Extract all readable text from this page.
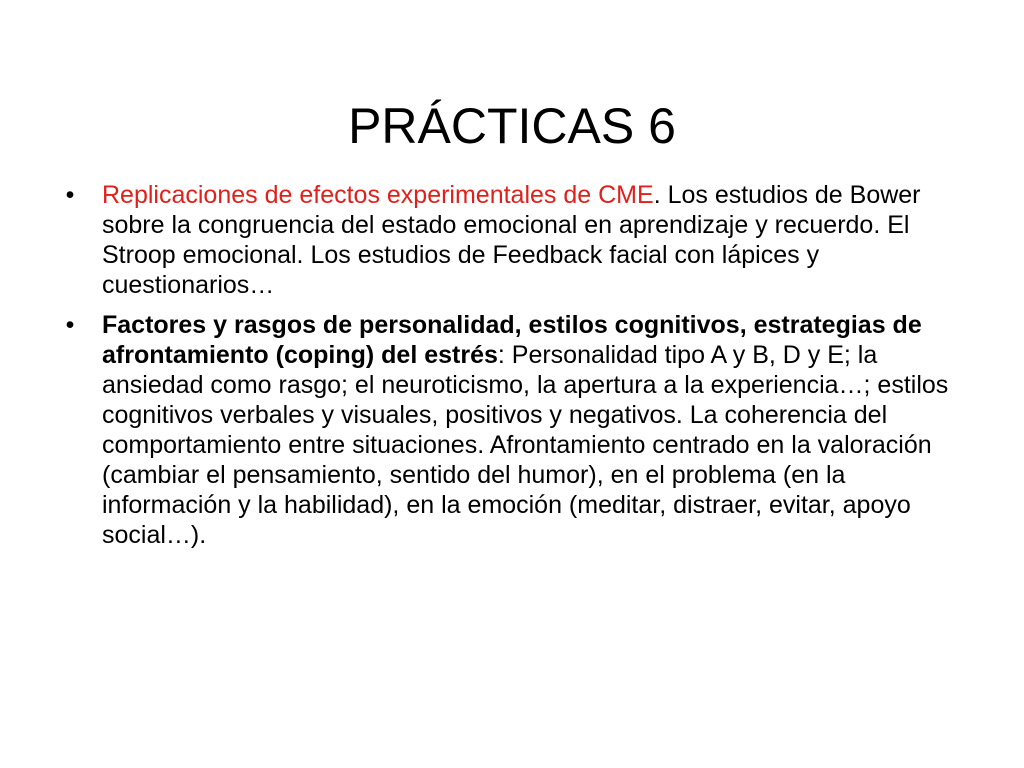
PRÁCTICAS 6
• Replicaciones de efectos experimentales de CME. Los estudios de Bower sobre la congruencia del estado emocional en aprendizaje y recuerdo. El Stroop emocional. Los estudios de Feedback facial con lápices y cuestionarios…
• Factores y rasgos de personalidad, estilos cognitivos, estrategias de afrontamiento (coping) del estrés: Personalidad tipo A y B, D y E; la ansiedad como rasgo; el neuroticismo, la apertura a la experiencia…; estilos cognitivos verbales y visuales, positivos y negativos. La coherencia del comportamiento entre situaciones. Afrontamiento centrado en la valoración (cambiar el pensamiento, sentido del humor), en el problema (en la información y la habilidad), en la emoción (meditar, distraer, evitar, apoyo social…).
